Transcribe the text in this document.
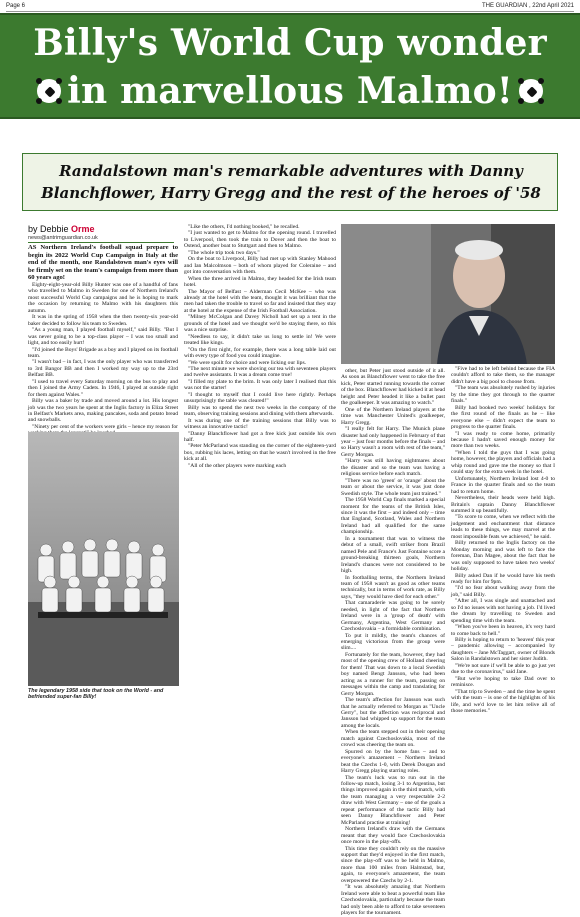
Page 6	THE GUARDIAN , 22nd April 2021
Billy's World Cup wonder
in marvellous Malmo!
Randalstown man's remarkable adventures with Danny Blanchflower, Harry Gregg and the rest of the heroes of '58
by Debbie Orme
news@antrimguardian.co.uk

AS Northern Ireland's football squad prepare to begin its 2022 World Cup Campaign in Italy at the end of the month, one Randalstown man's eyes will be firmly set on the team's campaign from more than 60 years ago!

Eighty-eight-year-old Billy Hunter was one of a handful of fans who travelled to Malmo in Sweden for one of Northern Ireland's most successful World Cup campaigns and he is hoping to mark the occasion by returning to Malmo with his daughters this autumn.

It was in the spring of 1958 when the then twenty-six year-old baker decided to follow his team to Sweden.

"As a young man, I played football myself," said Billy. "But I was never going to be a top-class player – I was too small and light, and too easily hurt!

"I'd joined the Boys' Brigade as a boy and I played on its football team.

"I wasn't bad – in fact, I was the only player who was transferred to 3rd Bangor BB and then I worked my way up to the 23rd Belfast BB.

"I used to travel every Saturday morning on the bus to play and then I joined the Army Cadets. In 1946, I played at outside right for them against Wales."

Billy was a baker by trade and moved around a lot. His longest job was the two years he spent at the Inglis factory in Eliza Street in Belfast's Markets area, making pancakes, soda and potato bread and snowballs.

"Ninety per cent of the workers were girls – hence my reason for

The legendary 1958 side that took on the World - and befriended super-fan Billy!

"Like the others, I'd nothing booked," he recalled.

"I just wanted to get to Malmo for the opening round. I travelled to Liverpool, then took the train to Dover and then the boat to Ostend, another boat to Stuttgart and then to Malmo.

"The whole trip took two days."

On the boat to Liverpool, Billy had met up with Stanley Mahood and Ian Malcolmson – both of whom played for Coleraine – and got into conversation with them.

When the three arrived in Malmo, they headed for the Irish team hotel.

The Mayor of Belfast – Alderman Cecil McKee – who was already at the hotel with the team, thought it was brilliant that the men had taken the trouble to travel so far and insisted that they stay at the hotel at the expense of the Irish Football Association.

"Milney McColgan and Davey Nicholl had set up a tent in the grounds of the hotel and we thought we'd be staying there, so this was a nice surprise.

"Needless to say, it didn't take us long to settle in! We were treated like kings.

"On the first night, for example, there was a long table laid out with every type of food you could imagine.

"We were spoilt for choice and were licking our lips.

"The next minute we were shoving our tea with seventeen players and twelve assistants. It was a dream come true!

"I filled my plate to the brim. It was only later I realised that this was not the starter!

"I thought to myself that I could live here rightly. Perhaps unsurprisingly the table was cleared!"

Billy was to spend the next two weeks in the company of the team, observing training sessions and dining with them afterwards.

It was during one of the training sessions that Billy was to witness an innovative tactic!

"Danny Blanchflower had got a free kick just outside his own half.

"Peter McParland was standing on the corner of the eighteen-yard box, rubbing his laces, letting on that he wasn't involved in the free kick at all.

"All of the other players were marking each

other, but Peter just stood outside of it all. As soon as Blanchflower went to take the free kick, Peter started running towards the corner of the box. Blanchflower had kicked it at head height and Peter headed it like a bullet past the goalkeeper. It was amazing to watch."

One of the Northern Ireland players at the time was Manchester United's goalkeeper, Harry Gregg.

"I really felt for Harry. The Munich plane disaster had only happened in February of that year – just four months before the finals – and so Harry wasn't a room with rest of the team," Gerry Morgan.

"Harry was still having nightmares about the disaster and so the team was having a religious service before each match.

"There was no 'green' or 'orange' about the team or about the service, it was just done Swedish style. The whole team just trained."

The 1958 World Cup finals marked a special moment for the teams of the British Isles, since it was the first – and indeed only – time that England, Scotland, Wales and Northern Ireland had all qualified for the same championship.

In a tournament that was to witness the debut of a small, swift striker from Brazil named Pele and France's Just Fontaine score a ground-breaking thirteen goals, Northern Ireland's chances were not considered to be high.

In footballing terms, the Northern Ireland team of 1958 wasn't as good as other teams technically, but in terms of work rate, as Billy says, "they would have died for each other."

That camaraderie was going to be sorely needed, in light of the fact that Northern Ireland were in a 'group of death' with Germany, Argentina, West Germany and Czechoslovakia – a formidable combination.

To put it mildly, the team's chances of emerging victorious from the group were slim....

Fortunately for the team, however, they had most of the opening crew of Holland cheering for them! That was down to a local Swedish boy named Bengt Jansson, who had been acting as a runner for the team, passing on messages within the camp and translating for Gerry Morgan.

The team's affection for Jansson was such that he actually referred to Morgan as "Uncle Gerry", but the affection was reciprocal and Jansson had whipped up support for the team among the locals.

When the team stepped out in their opening match against Czechoslovakia, most of the crowd was cheering the team on.

Spurred on by the home fans – and to everyone's amazement – Northern Ireland beat the Czechs 1-0, with Derek Dougan and Harry Gregg playing starring roles.

The team's luck was to run out in the follow-up match, losing 3-1 to Argentina, but things improved again in the third match, with the team managing a very respectable 2-2 draw with West Germany – one of the goals a repeat performance of the tactic Billy had seen Danny Blanchflower and Peter McParland practise at training!

Northern Ireland's draw with the Germans meant that they would face Czechoslovakia once more in the play-offs.

This time they couldn't rely on the massive support that they'd enjoyed in the first match, since the play-off was to be held in Malmo, more than 100 miles from Halmstad, but, again, to everyone's amazement, the team overpowered the Czechs by 2-1.

"It was absolutely amazing that Northern Ireland were able to beat a powerful team like Czechoslovakia, particularly because the team had only been able to afford to take seventeen players for the tournament.

"Five had to be left behind because the FIA couldn't afford to take them, so the manager didn't have a big pool to choose from.

"The team was absolutely rushed by injuries by the time they got through to the quarter finals."

Billy had booked two weeks' holidays for the first round of the finals as he – like everyone else – didn't expect the team to progress to the quarter finals.

"I was ready to come home, primarily because I hadn't saved enough money for more than two weeks.

"When I told the guys that I was going home, however, the players and officials had a whip round and gave me the money so that I could stay for the extra week in the hotel.

Unfortunately, Northern Ireland lost 4-0 to France in the quarter finals and so the team had to return home.

Nevertheless, their heads were held high. Britain's captain Danny Blanchflower summed it up beautifully.

"To score to come, when we reflect with the judgement and enchantment that distance leads to these things, we may marvel at the most impossible feats we achieved," he said.

Billy returned to the Inglis factory on the Monday morning and was left to face the foreman, Dan Magee, about the fact that he was only supposed to have taken two weeks' holiday.

Billy asked Dan if he would have his teeth ready for him for 9pm.

"I'd no fear about walking away from the job," said Billy.

"After all, I was single and unattached and so I'd no issues with not having a job. I'd lived the dream by travelling to Sweden and spending time with the team.

"When you've been in heaven, it's very hard to come back to hell."

Billy is hoping to return to 'heaven' this year – pandemic allowing – accompanied by daughters – Jane McTaggart, owner of Blonds Salon in Randalstown and her sister Judith.

"We're not sure if we'll be able to go just yet due to the coronavirus," said Jane.

"But we're hoping to take Dad over to reminisce.

"That trip to Sweden – and the time he spent with the team – is one of the highlights of his life, and we'd love to let him relive all of those memories."
